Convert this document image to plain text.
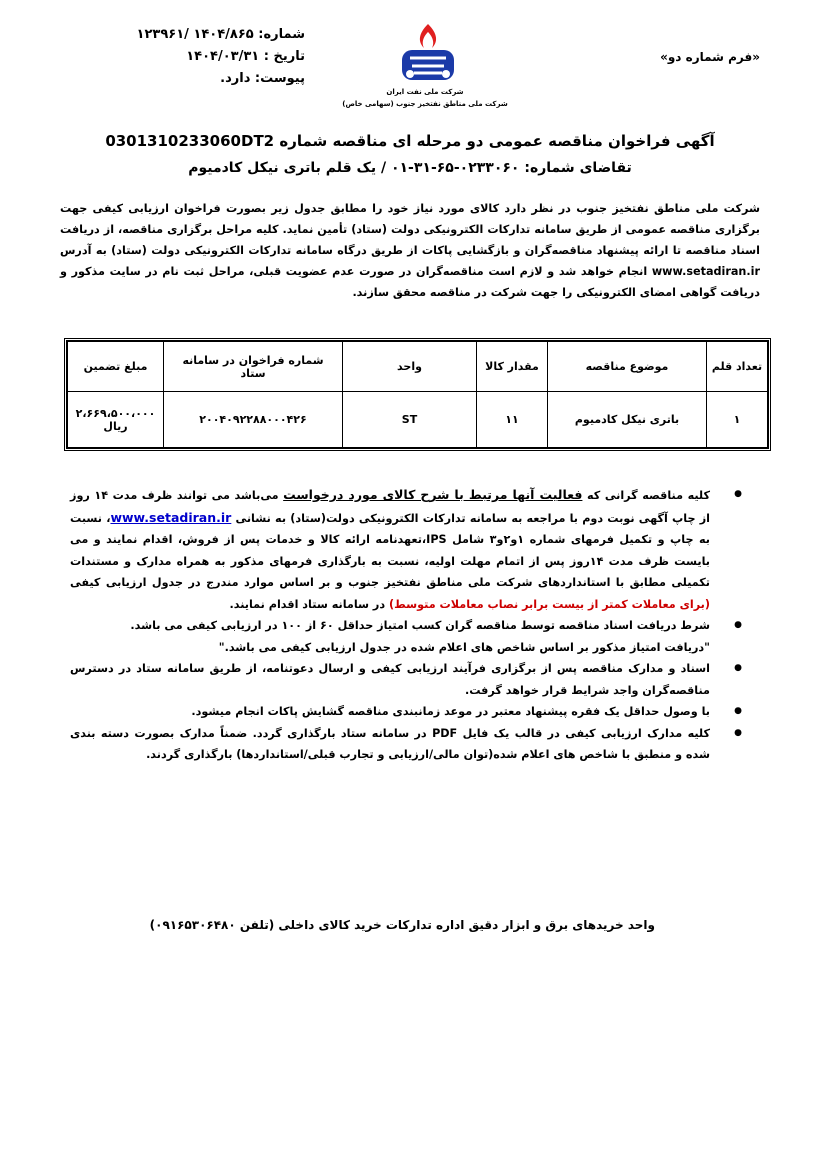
شماره: ۱۴۰۴/۸۶۵ /۱۲۳۹۶۱
تاریخ : ۱۴۰۴/۰۳/۳۱
پیوست: دارد.
شرکت ملی نفت ایران
شرکت ملی مناطق نفتخیز جنوب (سهامی خاص)
«فرم شماره دو»
آگهی فراخوان مناقصه عمومی دو مرحله ای مناقصه شماره 0301310233060DT2
تقاضای شماره: ۰۲۳۳۰۶۰-۶۵-۳۱-۰۱ / یک قلم باتری نیکل کادمیوم
شرکت ملی مناطق نفتخیز جنوب در نظر دارد کالای مورد نیاز خود را مطابق جدول زیر بصورت فراخوان ارزیابی کیفی جهت برگزاری مناقصه عمومی از طریق سامانه تدارکات الکترونیکی دولت (ستاد) تأمین نماید. کلیه مراحل برگزاری مناقصه، از دریافت اسناد مناقصه تا ارائه پیشنهاد مناقصه‌گران و بازگشایی پاکات از طریق درگاه سامانه تدارکات الکترونیکی دولت (ستاد) به آدرس www.setadiran.ir انجام خواهد شد و لازم است مناقصه‌گران در صورت عدم عضویت قبلی، مراحل ثبت نام در سایت مذکور و دریافت گواهی امضای الکترونیکی را جهت شرکت در مناقصه محقق سازند.
تعداد قلم	موضوع مناقصه	مقدار کالا	واحد	شماره فراخوان در سامانه ستاد	مبلغ تضمین
۱	باتری نیکل کادمیوم	۱۱	ST	۲۰۰۴۰۹۲۲۸۸۰۰۰۴۲۶	۲،۶۶۹،۵۰۰،۰۰۰ ریال
● کلیه مناقصه گرانی که فعالیت آنها مرتبط با شرح کالای مورد درخواست می‌باشد می توانند ظرف مدت ۱۴ روز از چاپ آگهی نوبت دوم با مراجعه به سامانه تدارکات الکترونیکی دولت(ستاد) به نشانی www.setadiran.ir، نسبت به چاپ و تکمیل فرمهای شماره ۱و۲و۳ شامل IPS،تعهدنامه ارائه کالا و خدمات پس از فروش، اقدام نمایند و می بایست ظرف مدت ۱۴روز پس از اتمام مهلت اولیه، نسبت به بارگذاری فرمهای مذکور به همراه مدارک و مستندات تکمیلی مطابق با استانداردهای شرکت ملی مناطق نفتخیز جنوب و بر اساس موارد مندرج در جدول ارزیابی کیفی (برای معاملات کمتر از بیست برابر نصاب معاملات متوسط) در سامانه ستاد اقدام نمایند.
● شرط دریافت اسناد مناقصه توسط مناقصه گران کسب امتیاز حداقل ۶۰ از ۱۰۰ در ارزیابی کیفی می باشد.
"دریافت امتیاز مذکور بر اساس شاخص های اعلام شده در جدول ارزیابی کیفی می باشد."
● اسناد و مدارک مناقصه پس از برگزاری فرآیند ارزیابی کیفی و ارسال دعوتنامه، از طریق سامانه ستاد در دسترس مناقصه‌گران واجد شرایط قرار خواهد گرفت.
● با وصول حداقل یک فقره پیشنهاد معتبر در موعد زمانبندی مناقصه گشایش پاکات انجام میشود.
● کلیه مدارک ارزیابی کیفی در قالب یک فایل PDF در سامانه ستاد بارگذاری گردد. ضمناً مدارک بصورت دسته بندی شده و منطبق با شاخص های اعلام شده(توان مالی/ارزیابی و تجارب قبلی/استانداردها) بارگذاری گردند.
واحد خریدهای برق و ابزار دقیق اداره تدارکات خرید کالای داخلی (تلفن ۰۹۱۶۵۳۰۶۴۸۰)
